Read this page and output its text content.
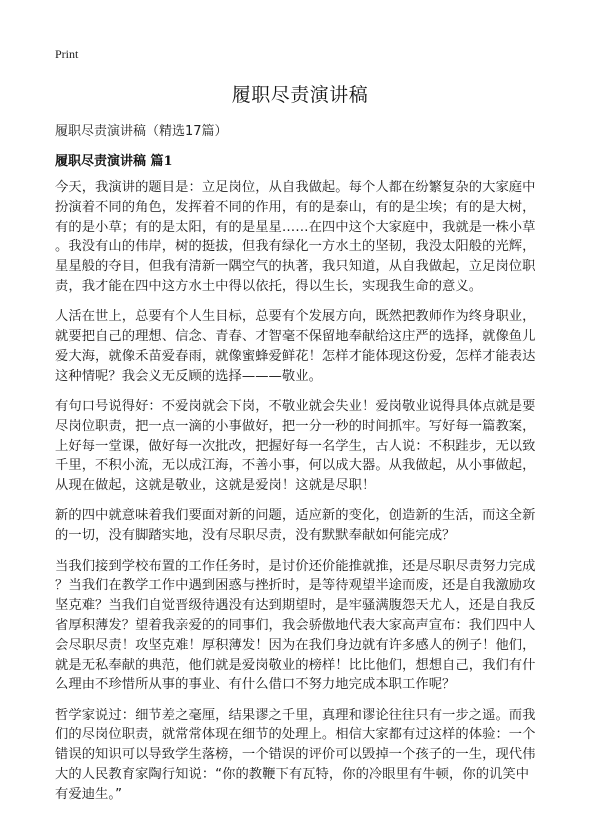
Print
履职尽责演讲稿
履职尽责演讲稿（精选17篇）
履职尽责演讲稿 篇1

今天，我演讲的题目是：立足岗位，从自我做起。每个人都在纷繁复杂的大家庭中
扮演着不同的角色，发挥着不同的作用，有的是泰山，有的是尘埃；有的是大树，
有的是小草；有的是太阳，有的是星星……在四中这个大家庭中，我就是一株小草
。我没有山的伟岸，树的挺拔，但我有绿化一方水土的坚韧，我没太阳般的光辉，
星星般的夺目，但我有清新一隅空气的执著，我只知道，从自我做起，立足岗位职
责，我才能在四中这方水土中得以依托，得以生长，实现我生命的意义。

人活在世上，总要有个人生目标，总要有个发展方向，既然把教师作为终身职业，
就要把自己的理想、信念、青春、才智毫不保留地奉献给这庄严的选择，就像鱼儿
爱大海，就像禾苗爱春雨，就像蜜蜂爱鲜花！怎样才能体现这份爱，怎样才能表达
这种情呢？我会义无反顾的选择———敬业。

有句口号说得好：不爱岗就会下岗，不敬业就会失业！爱岗敬业说得具体点就是要
尽岗位职责，把一点一滴的小事做好，把一分一秒的时间抓牢。写好每一篇教案，
上好每一堂课，做好每一次批改，把握好每一名学生，古人说：不积跬步，无以致
千里，不积小流，无以成江海，不善小事，何以成大器。从我做起，从小事做起，
从现在做起，这就是敬业，这就是爱岗！这就是尽职！

新的四中就意味着我们要面对新的问题，适应新的变化，创造新的生活，而这全新
的一切，没有脚踏实地，没有尽职尽责，没有默默奉献如何能完成？

当我们接到学校布置的工作任务时，是讨价还价能推就推，还是尽职尽责努力完成
？当我们在教学工作中遇到困惑与挫折时，是等待观望半途而废，还是自我激励攻
坚克难？当我们自觉晋级待遇没有达到期望时，是牢骚满腹怨天尤人，还是自我反
省厚积薄发？望着我亲爱的的同事们，我会骄傲地代表大家高声宣布：我们四中人
会尽职尽责！攻坚克难！厚积薄发！因为在我们身边就有许多感人的例子！他们，
就是无私奉献的典范，他们就是爱岗敬业的榜样！比比他们，想想自己，我们有什
么理由不珍惜所从事的事业、有什么借口不努力地完成本职工作呢？

哲学家说过：细节差之毫厘，结果谬之千里，真理和谬论往往只有一步之遥。而我
们的尽岗位职责，就常常体现在细节的处理上。相信大家都有过这样的体验：一个
错误的知识可以导致学生落榜，一个错误的评价可以毁掉一个孩子的一生，现代伟
大的人民教育家陶行知说：“你的教鞭下有瓦特，你的冷眼里有牛顿，你的讥笑中
有爱迪生。”
